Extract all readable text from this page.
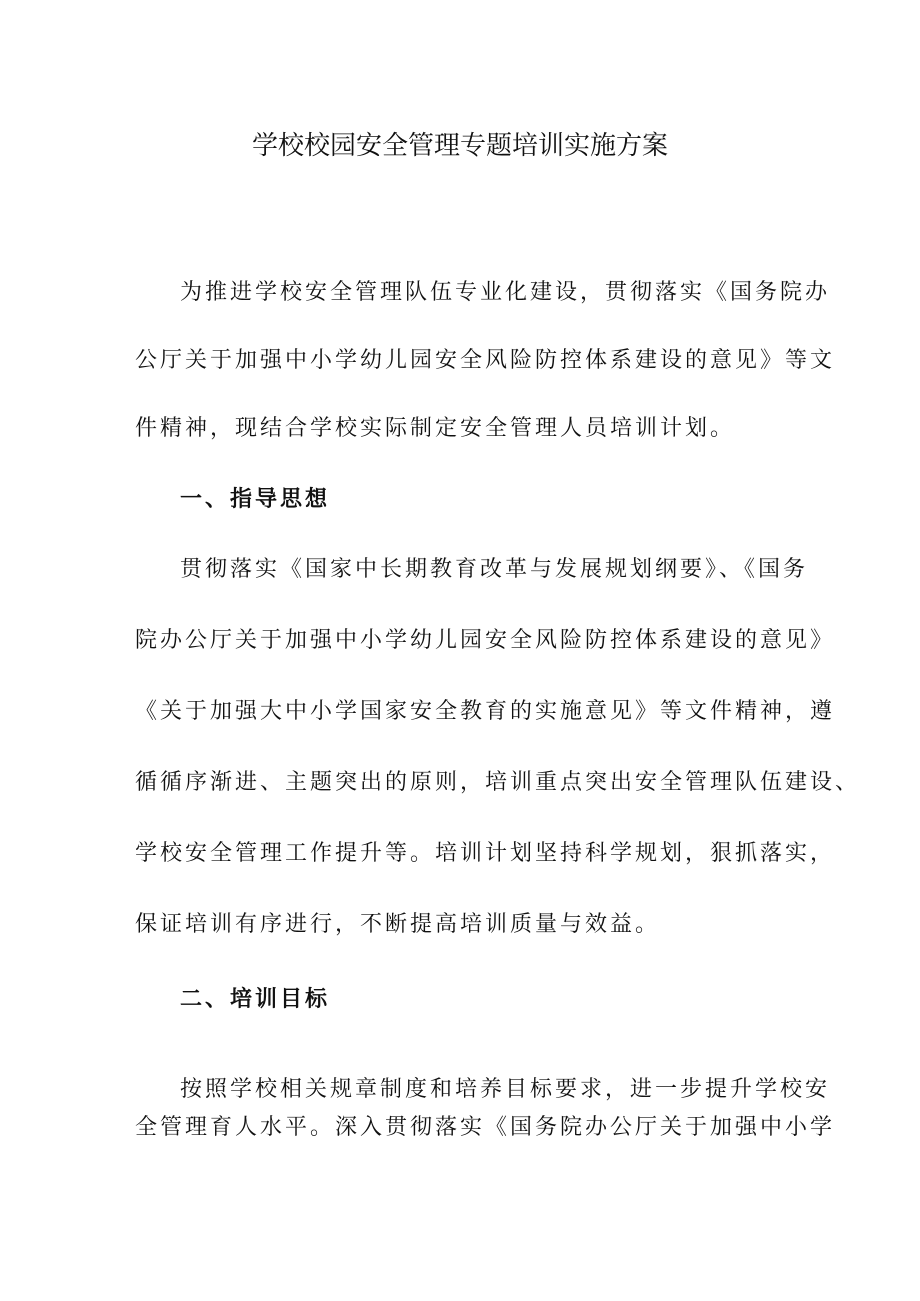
学校校园安全管理专题培训实施方案
为推进学校安全管理队伍专业化建设，贯彻落实《国务院办
公厅关于加强中小学幼儿园安全风险防控体系建设的意见》等文
件精神，现结合学校实际制定安全管理人员培训计划。
一、指导思想
贯彻落实《国家中长期教育改革与发展规划纲要》、《国务
院办公厅关于加强中小学幼儿园安全风险防控体系建设的意见》
《关于加强大中小学国家安全教育的实施意见》等文件精神，遵
循循序渐进、主题突出的原则，培训重点突出安全管理队伍建设、
学校安全管理工作提升等。培训计划坚持科学规划，狠抓落实，
保证培训有序进行，不断提高培训质量与效益。
二、培训目标
按照学校相关规章制度和培养目标要求，进一步提升学校安
全管理育人水平。深入贯彻落实《国务院办公厅关于加强中小学
